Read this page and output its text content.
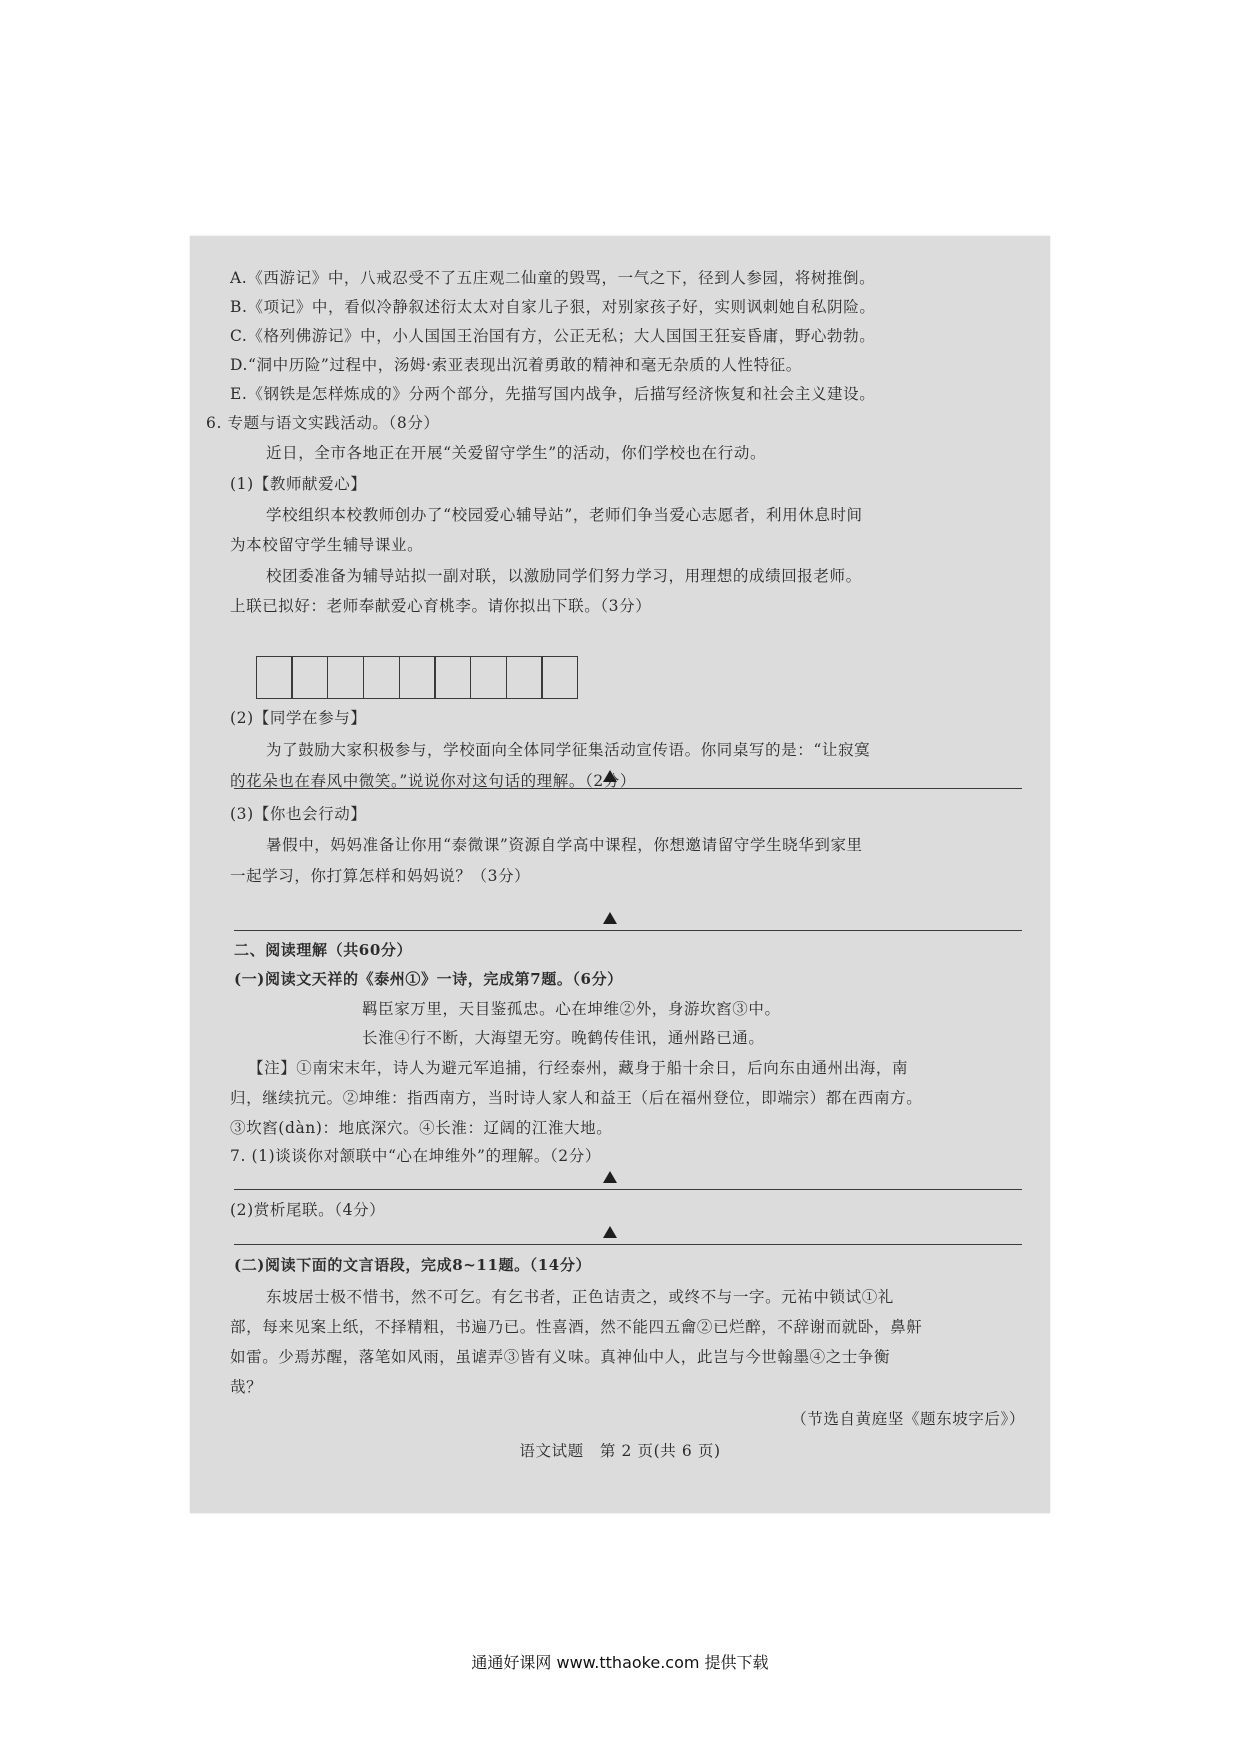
A.《西游记》中，八戒忍受不了五庄观二仙童的毁骂，一气之下，径到人参园，将树推倒。
B.《项记》中，看似冷静叙述衍太太对自家儿子狠，对别家孩子好，实则讽刺她自私阴险。
C.《格列佛游记》中，小人国国王治国有方，公正无私；大人国国王狂妄昏庸，野心勃勃。
D.“洞中历险”过程中，汤姆·索亚表现出沉着勇敢的精神和毫无杂质的人性特征。
E.《钢铁是怎样炼成的》分两个部分，先描写国内战争，后描写经济恢复和社会主义建设。
6. 专题与语文实践活动。（8分）
近日，全市各地正在开展“关爱留守学生”的活动，你们学校也在行动。
(1)【教师献爱心】
学校组织本校教师创办了“校园爱心辅导站”，老师们争当爱心志愿者，利用休息时间
为本校留守学生辅导课业。
校团委准备为辅导站拟一副对联，以激励同学们努力学习，用理想的成绩回报老师。
上联已拟好：老师奉献爱心育桃李。请你拟出下联。（3分）
(2)【同学在参与】
为了鼓励大家积极参与，学校面向全体同学征集活动宣传语。你同桌写的是：“让寂寞
的花朵也在春风中微笑。”说说你对这句话的理解。（2分）
(3)【你也会行动】
暑假中，妈妈准备让你用“泰微课”资源自学高中课程，你想邀请留守学生晓华到家里
一起学习，你打算怎样和妈妈说？（3分）
二、阅读理解（共60分）
(一)阅读文天祥的《泰州①》一诗，完成第7题。（6分）
羁臣家万里，天目鉴孤忠。心在坤维②外，身游坎窞③中。
长淮④行不断，大海望无穷。晚鹤传佳讯，通州路已通。
【注】①南宋末年，诗人为避元军追捕，行经泰州，藏身于船十余日，后向东由通州出海，南
归，继续抗元。②坤维：指西南方，当时诗人家人和益王（后在福州登位，即端宗）都在西南方。
③坎窞(dàn)：地底深穴。④长淮：辽阔的江淮大地。
7. (1)谈谈你对颔联中“心在坤维外”的理解。（2分）
(2)赏析尾联。（4分）
(二)阅读下面的文言语段，完成8~11题。（14分）
东坡居士极不惜书，然不可乞。有乞书者，正色诘责之，或终不与一字。元祐中锁试①礼
部，每来见案上纸，不择精粗，书遍乃已。性喜酒，然不能四五龠②已烂醉，不辞谢而就卧，鼻鼾
如雷。少焉苏醒，落笔如风雨，虽谑弄③皆有义味。真神仙中人，此岂与今世翰墨④之士争衡
哉？
（节选自黄庭坚《题东坡字后》）
语文试题　第 2 页(共 6 页)
通通好课网 www.tthaoke.com 提供下载
